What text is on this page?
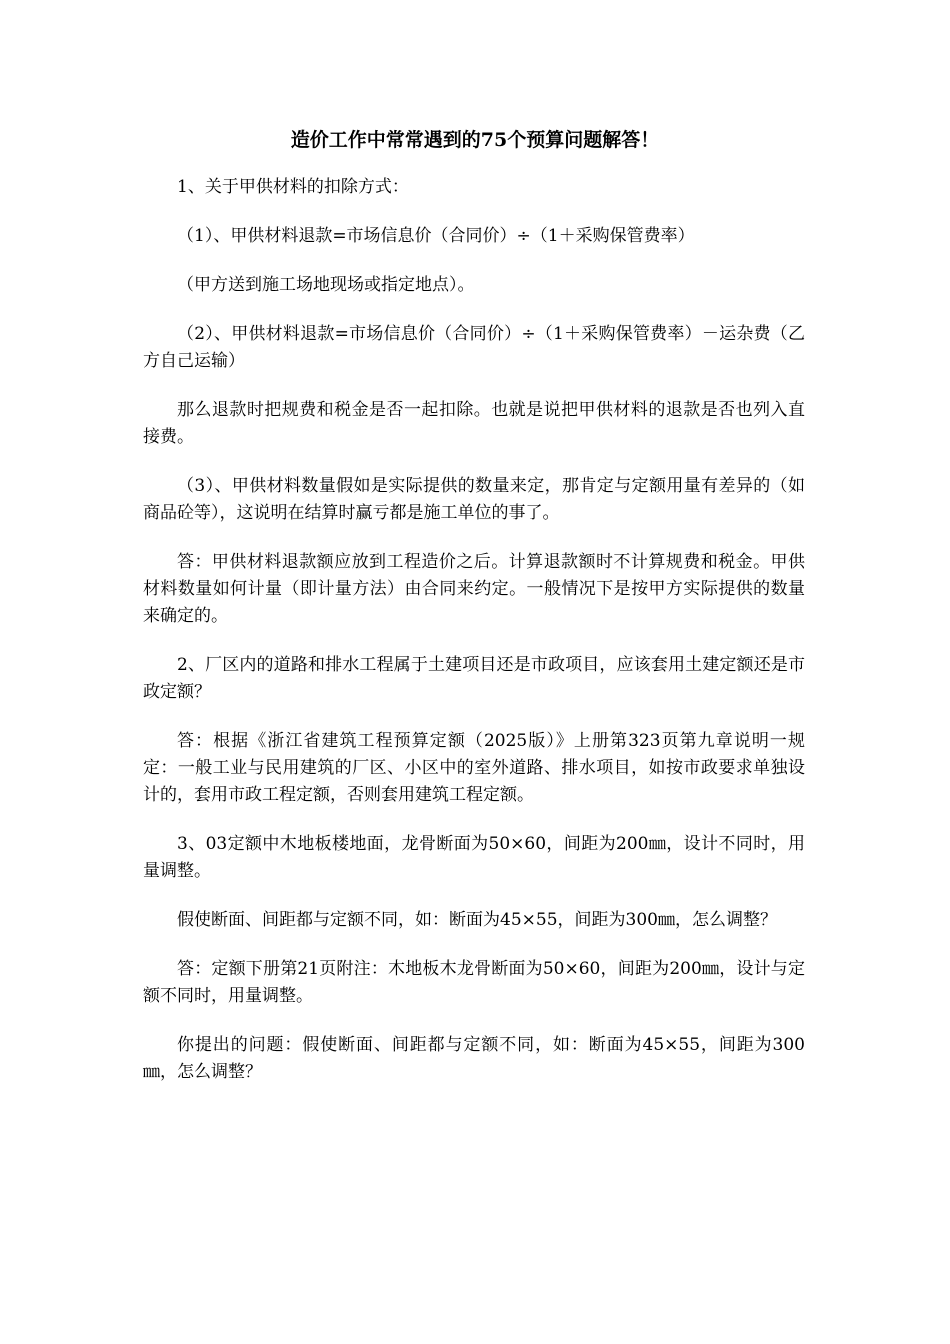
造价工作中常常遇到的75个预算问题解答！

1、关于甲供材料的扣除方式：

（1）、甲供材料退款=市场信息价（合同价）÷（1＋采购保管费率）

（甲方送到施工场地现场或指定地点）。

（2）、甲供材料退款=市场信息价（合同价）÷（1＋采购保管费率）－运杂费（乙方自己运输）

那么退款时把规费和税金是否一起扣除。也就是说把甲供材料的退款是否也列入直接费。

（3）、甲供材料数量假如是实际提供的数量来定，那肯定与定额用量有差异的（如商品砼等），这说明在结算时赢亏都是施工单位的事了。

答：甲供材料退款额应放到工程造价之后。计算退款额时不计算规费和税金。甲供材料数量如何计量（即计量方法）由合同来约定。一般情况下是按甲方实际提供的数量来确定的。

2、厂区内的道路和排水工程属于土建项目还是市政项目，应该套用土建定额还是市政定额？

答：根据《浙江省建筑工程预算定额（2025版）》上册第323页第九章说明一规定：一般工业与民用建筑的厂区、小区中的室外道路、排水项目，如按市政要求单独设计的，套用市政工程定额，否则套用建筑工程定额。

3、03定额中木地板楼地面，龙骨断面为50×60，间距为200㎜，设计不同时，用量调整。

假使断面、间距都与定额不同，如：断面为45×55，间距为300㎜，怎么调整？

答：定额下册第21页附注：木地板木龙骨断面为50×60，间距为200㎜，设计与定额不同时，用量调整。

你提出的问题：假使断面、间距都与定额不同，如：断面为45×55，间距为300㎜，怎么调整？
